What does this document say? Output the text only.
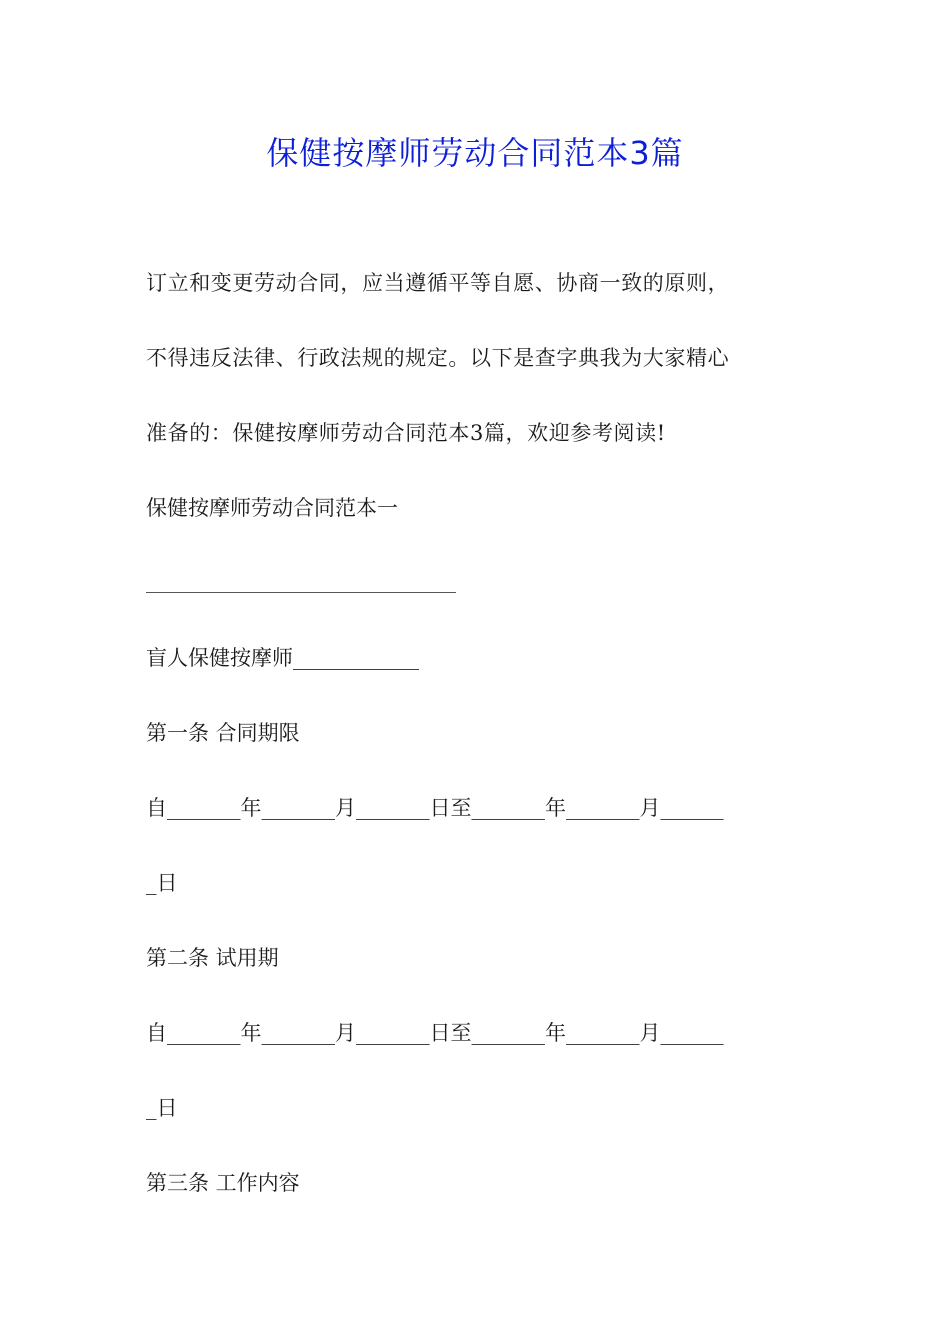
保健按摩师劳动合同范本3篇
订立和变更劳动合同，应当遵循平等自愿、协商一致的原则，
不得违反法律、行政法规的规定。以下是查字典我为大家精心
准备的：保健按摩师劳动合同范本3篇，欢迎参考阅读!
保健按摩师劳动合同范本一
盲人保健按摩师____________
第一条 合同期限
自_______年_______月_______日至_______年_______月______
_日
第二条 试用期
自_______年_______月_______日至_______年_______月______
_日
第三条 工作内容
